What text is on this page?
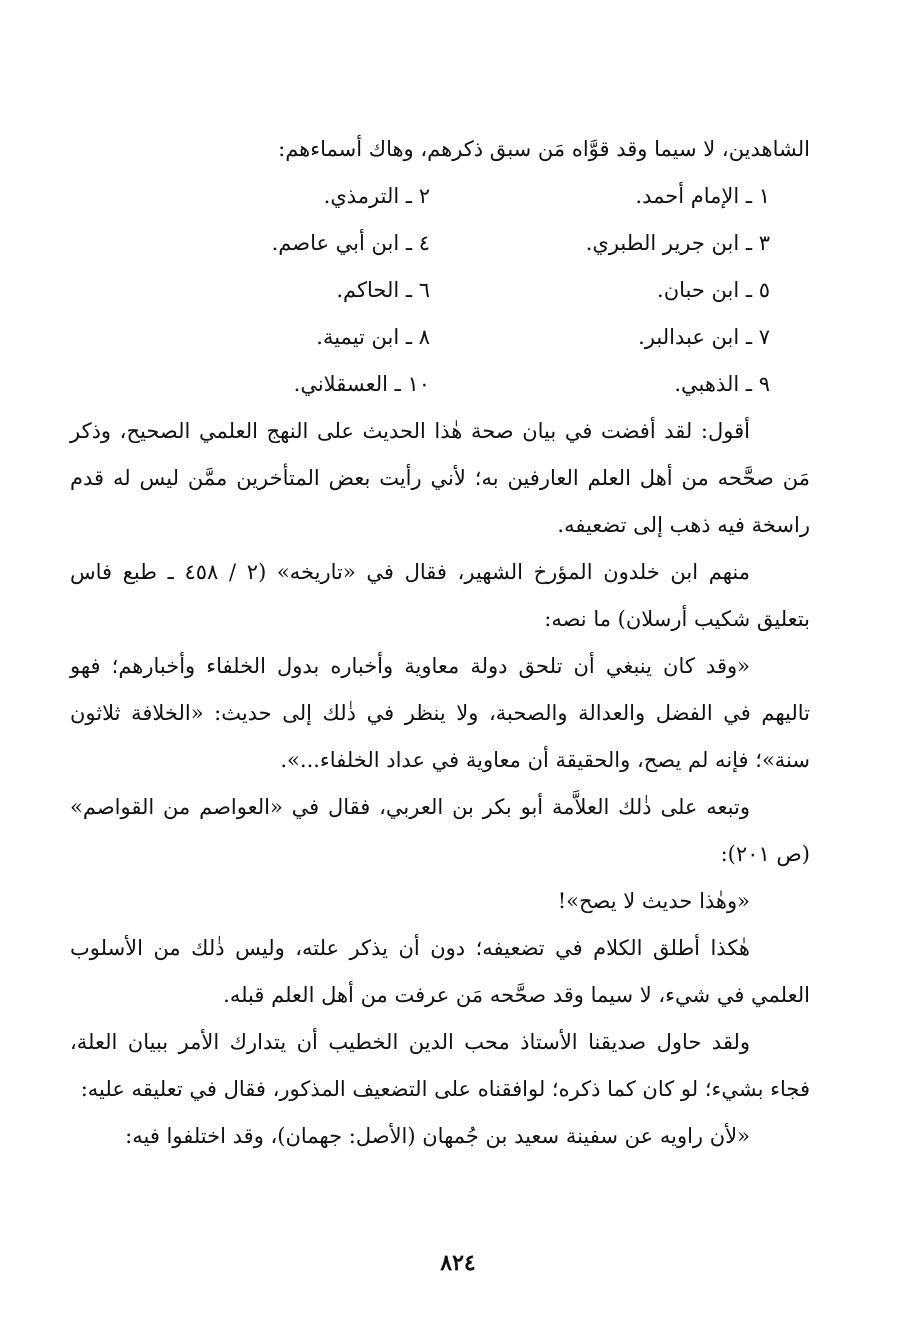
الشاهدين، لا سيما وقد قوَّاه مَن سبق ذكرهم، وهاك أسماءهم:

١ ـ الإمام أحمد.
٢ ـ الترمذي.
٣ ـ ابن جرير الطبري.
٤ ـ ابن أبي عاصم.
٥ ـ ابن حبان.
٦ ـ الحاكم.
٧ ـ ابن عبدالبر.
٨ ـ ابن تيمية.
٩ ـ الذهبي.
١٠ ـ العسقلاني.

أقول: لقد أفضت في بيان صحة هٰذا الحديث على النهج العلمي الصحيح، وذكر مَن صحَّحه من أهل العلم العارفين به؛ لأني رأيت بعض المتأخرين ممَّن ليس له قدم راسخة فيه ذهب إلى تضعيفه.

منهم ابن خلدون المؤرخ الشهير، فقال في «تاريخه» (٢ / ٤٥٨ ـ طبع فاس بتعليق شكيب أرسلان) ما نصه:

«وقد كان ينبغي أن تلحق دولة معاوية وأخباره بدول الخلفاء وأخبارهم؛ فهو تاليهم في الفضل والعدالة والصحبة، ولا ينظر في ذٰلك إلى حديث: «الخلافة ثلاثون سنة»؛ فإنه لم يصح، والحقيقة أن معاوية في عداد الخلفاء...».

وتبعه على ذٰلك العلاَّمة أبو بكر بن العربي، فقال في «العواصم من القواصم» (ص ٢٠١):

«وهٰذا حديث لا يصح»!

هٰكذا أطلق الكلام في تضعيفه؛ دون أن يذكر علته، وليس ذٰلك من الأسلوب العلمي في شيء، لا سيما وقد صحَّحه مَن عرفت من أهل العلم قبله.

ولقد حاول صديقنا الأستاذ محب الدين الخطيب أن يتدارك الأمر ببيان العلة، فجاء بشيء؛ لو كان كما ذكره؛ لوافقناه على التضعيف المذكور، فقال في تعليقه عليه:

«لأن راويه عن سفينة سعيد بن جُمهان (الأصل: جهمان)، وقد اختلفوا فيه:

٨٢٤
